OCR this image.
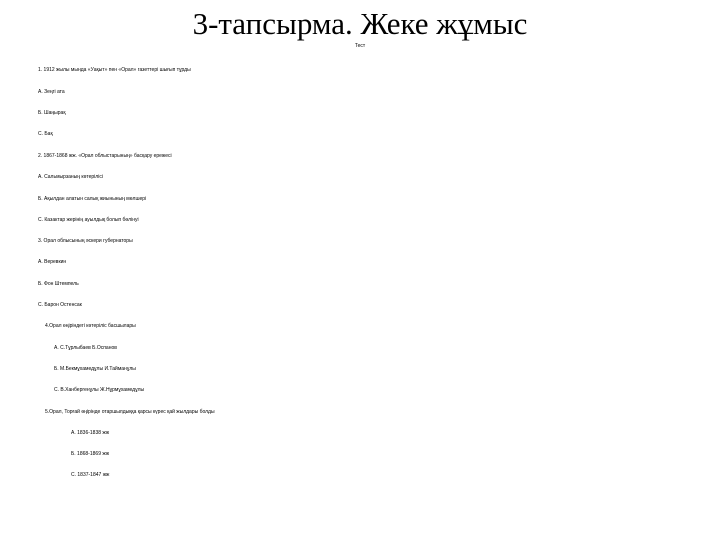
3-тапсырма. Жеке жұмыс
Тест
1. 1912 жылы мында «Уақыт» пен «Орал» газеттері шығып тұрды
А. Зеңгі ата
Б. Шаңырақ
С. Бақ
2. 1867-1868 жж. «Орал облыстарының» басқару ережесі
А. Сальмырзаның көтерілісі
Б. Ақылдан алатын салық жиынының мөлшері
С. Казактар жерінің ауылдық болып бөлінуі
3. Орал облысының әскери губернаторы
А. Веревкин
Б. Фон Штемпель
С. Барон Остенсак
4.Орал өңіріндегі көтеріліс басшылары
А. С.Тұрлыбаев Б.Оспанов
Б. М.Бекмұхамедұлы И.Тайманұлы
С. В.Ханбергенұлы Ж.Нұрмұхамедұлы
5.Орал, Торғай өңірінде отаршылдыққа қарсы күрес қай жылдары болды
А. 1836-1838 жж
Б. 1868-1869 жж
С. 1837-1847 жж
